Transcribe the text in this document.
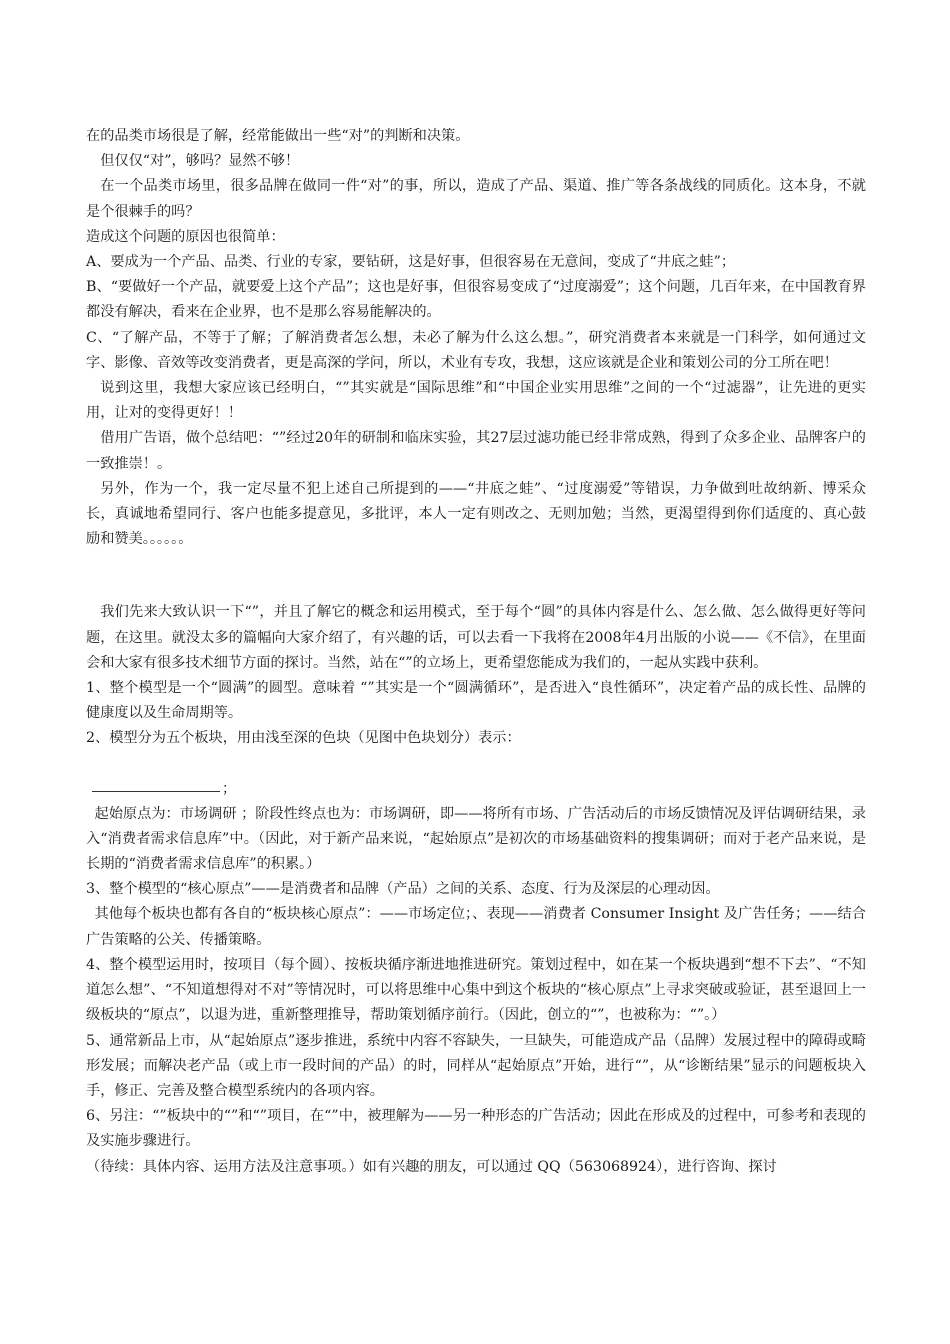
在的品类市场很是了解，经常能做出一些“对”的判断和决策。

但仅仅“对”，够吗？显然不够！

在一个品类市场里，很多品牌在做同一件“对”的事，所以，造成了产品、渠道、推广等各条战线的同质化。这本身，不就是个很棘手的吗？

造成这个问题的原因也很简单：

A、要成为一个产品、品类、行业的专家，要钻研，这是好事，但很容易在无意间，变成了“井底之蛙”；

B、“要做好一个产品，就要爱上这个产品”；这也是好事，但很容易变成了“过度溺爱”；这个问题，几百年来，在中国教育界都没有解决，看来在企业界，也不是那么容易能解决的。

C、“了解产品，不等于了解；了解消费者怎么想，未必了解为什么这么想。”，研究消费者本来就是一门科学，如何通过文字、影像、音效等改变消费者，更是高深的学问，所以，术业有专攻，我想，这应该就是企业和策划公司的分工所在吧！

说到这里，我想大家应该已经明白，“”其实就是“国际思维”和“中国企业实用思维”之间的一个“过滤器”，让先进的更实用，让对的变得更好！！

借用广告语，做个总结吧：“”经过20年的研制和临床实验，其27层过滤功能已经非常成熟，得到了众多企业、品牌客户的一致推崇！。

另外，作为一个，我一定尽量不犯上述自己所提到的——“井底之蛙”、“过度溺爱”等错误，力争做到吐故纳新、博采众长，真诚地希望同行、客户也能多提意见，多批评，本人一定有则改之、无则加勉；当然，更渴望得到你们适度的、真心鼓励和赞美。。。。。。

我们先来大致认识一下“”，并且了解它的概念和运用模式，至于每个“圆”的具体内容是什么、怎么做、怎么做得更好等问题，在这里。就没太多的篇幅向大家介绍了，有兴趣的话，可以去看一下我将在2008年4月出版的小说——《不信》，在里面会和大家有很多技术细节方面的探讨。当然，站在“”的立场上，更希望您能成为我们的，一起从实践中获利。

1、整个模型是一个“圆满”的圆型。意味着 “”其实是一个“圆满循环”，是否进入“良性循环”，决定着产品的成长性、品牌的健康度以及生命周期等。

2、模型分为五个板块，用由浅至深的色块（见图中色块划分）表示：

；

起始原点为：市场调研 ；阶段性终点也为：市场调研，即——将所有市场、广告活动后的市场反馈情况及评估调研结果，录入“消费者需求信息库”中。（因此，对于新产品来说，“起始原点”是初次的市场基础资料的搜集调研；而对于老产品来说，是长期的“消费者需求信息库”的积累。）

3、整个模型的“核心原点”——是消费者和品牌（产品）之间的关系、态度、行为及深层的心理动因。

其他每个板块也都有各自的“板块核心原点”：——市场定位；、表现——消费者 Consumer Insight 及广告任务；——结合广告策略的公关、传播策略。

4、整个模型运用时，按项目（每个圆）、按板块循序渐进地推进研究。策划过程中，如在某一个板块遇到“想不下去”、“不知道怎么想”、“不知道想得对不对”等情况时，可以将思维中心集中到这个板块的“核心原点”上寻求突破或验证，甚至退回上一级板块的“原点”，以退为进，重新整理推导，帮助策划循序前行。（因此，创立的“”，也被称为：“”。）

5、通常新品上市，从“起始原点”逐步推进，系统中内容不容缺失，一旦缺失，可能造成产品（品牌）发展过程中的障碍或畸形发展；而解决老产品（或上市一段时间的产品）的时，同样从“起始原点”开始，进行“”，从“诊断结果”显示的问题板块入手，修正、完善及整合模型系统内的各项内容。

6、另注：“”板块中的“”和“”项目，在“”中，被理解为——另一种形态的广告活动；因此在形成及的过程中，可参考和表现的及实施步骤进行。

（待续：具体内容、运用方法及注意事项。）如有兴趣的朋友，可以通过 QQ（563068924），进行咨询、探讨
